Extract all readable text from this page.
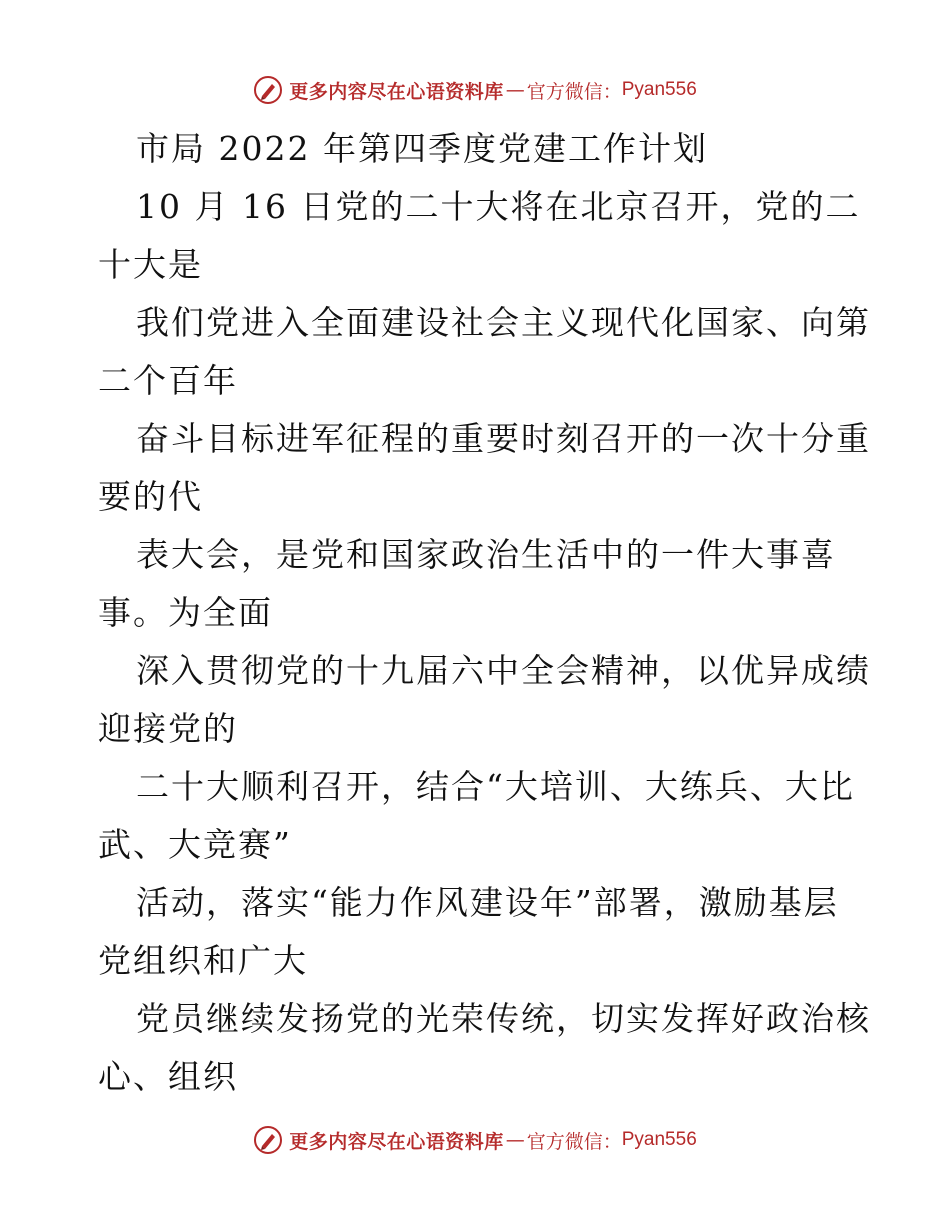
更多内容尽在心语资料库 — 官方微信： Pyan556
市局 2022 年第四季度党建工作计划
10 月 16 日党的二十大将在北京召开，党的二
十大是
我们党进入全面建设社会主义现代化国家、向第
二个百年
奋斗目标进军征程的重要时刻召开的一次十分重
要的代
表大会，是党和国家政治生活中的一件大事喜
事。为全面
深入贯彻党的十九届六中全会精神，以优异成绩
迎接党的
二十大顺利召开，结合“大培训、大练兵、大比
武、大竞赛”
活动，落实“能力作风建设年”部署，激励基层
党组织和广大
党员继续发扬党的光荣传统，切实发挥好政治核
心、组织
更多内容尽在心语资料库 — 官方微信： Pyan556
